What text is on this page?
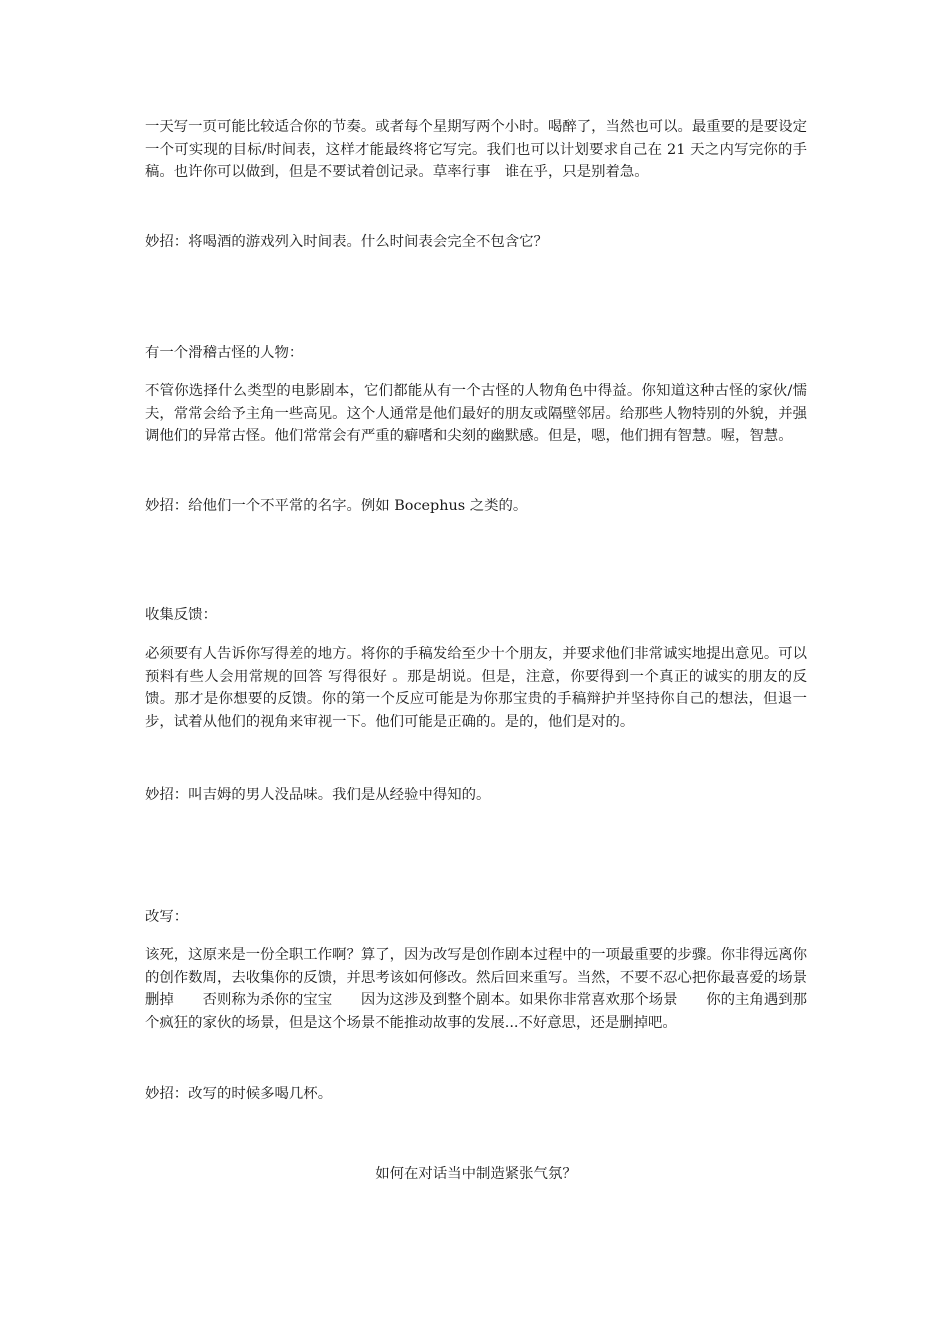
一天写一页可能比较适合你的节奏。或者每个星期写两个小时。喝醉了，当然也可以。最重要的是要设定一个可实现的目标/时间表，这样才能最终将它写完。我们也可以计划要求自己在 21 天之内写完你的手稿。也许你可以做到，但是不要试着创记录。草率行事　谁在乎，只是别着急。

妙招：将喝酒的游戏列入时间表。什么时间表会完全不包含它？

有一个滑稽古怪的人物：

不管你选择什么类型的电影剧本，它们都能从有一个古怪的人物角色中得益。你知道这种古怪的家伙/懦夫，常常会给予主角一些高见。这个人通常是他们最好的朋友或隔壁邻居。给那些人物特别的外貌，并强调他们的异常古怪。他们常常会有严重的癖嗜和尖刻的幽默感。但是，嗯，他们拥有智慧。喔，智慧。

妙招：给他们一个不平常的名字。例如 Bocephus 之类的。

收集反馈：

必须要有人告诉你写得差的地方。将你的手稿发给至少十个朋友，并要求他们非常诚实地提出意见。可以预料有些人会用常规的回答 写得很好 。那是胡说。但是，注意，你要得到一个真正的诚实的朋友的反馈。那才是你想要的反馈。你的第一个反应可能是为你那宝贵的手稿辩护并坚持你自己的想法，但退一步，试着从他们的视角来审视一下。他们可能是正确的。是的，他们是对的。

妙招：叫吉姆的男人没品味。我们是从经验中得知的。

改写：

该死，这原来是一份全职工作啊？算了，因为改写是创作剧本过程中的一项最重要的步骤。你非得远离你的创作数周，去收集你的反馈，并思考该如何修改。然后回来重写。当然，不要不忍心把你最喜爱的场景删掉　　否则称为杀你的宝宝　　因为这涉及到整个剧本。如果你非常喜欢那个场景　　你的主角遇到那个疯狂的家伙的场景，但是这个场景不能推动故事的发展...不好意思，还是删掉吧。

妙招：改写的时候多喝几杯。

如何在对话当中制造紧张气氛？
